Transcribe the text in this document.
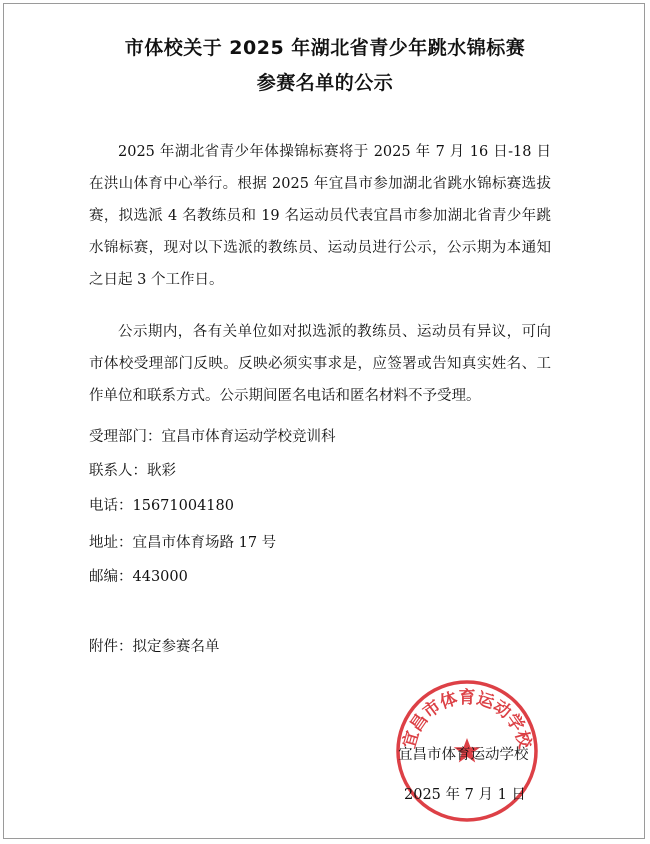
市体校关于 2025 年湖北省青少年跳水锦标赛
参赛名单的公示

2025 年湖北省青少年体操锦标赛将于 2025 年 7 月 16 日-18 日在洪山体育中心举行。根据 2025 年宜昌市参加湖北省跳水锦标赛选拔赛，拟选派 4 名教练员和 19 名运动员代表宜昌市参加湖北省青少年跳水锦标赛，现对以下选派的教练员、运动员进行公示，公示期为本通知之日起 3 个工作日。

公示期内，各有关单位如对拟选派的教练员、运动员有异议，可向市体校受理部门反映。反映必须实事求是，应签署或告知真实姓名、工作单位和联系方式。公示期间匿名电话和匿名材料不予受理。

受理部门：宜昌市体育运动学校竞训科
联系人：耿彩
电话：15671004180
地址：宜昌市体育场路 17 号
邮编：443000
附件：拟定参赛名单
宜昌市体育运动学校
宜昌市体育运动学校
2025 年 7 月 1 日
